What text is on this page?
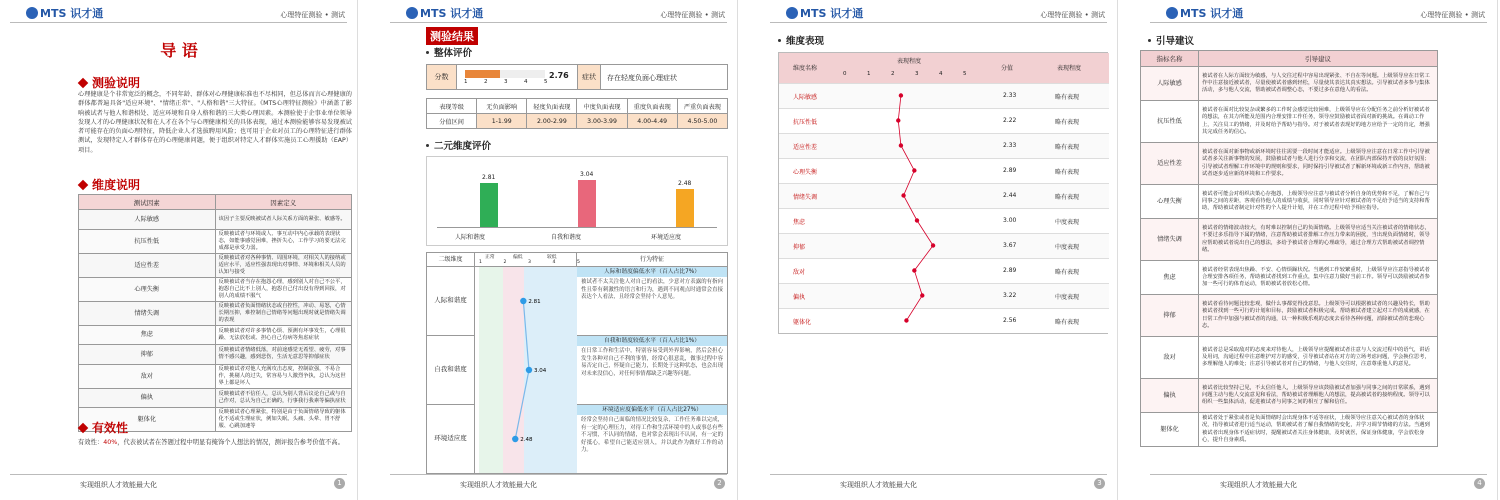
MTS 识才通	心理特征测验 • 测试
导 语
测验说明
心理健康是个非常宽泛的概念，不同年龄、群体对心理健康标准也不尽相同，但总体而言心理健康的群体都普遍具备"适应环境"、"情绪正常"、"人格和谐"三大特征。《MTS心理特征测验》中涵盖了影响被试者与他人和谐相处、适应环境和自身人格和谐的三大类心理因素。本测验使于企事业单位领导发现人才的心理健康状况和在人才在各个与心理健康相关的具体表现，通过本测验能够容易发现被试者可能存在的负面心理特征，降低企业人才选拔聘用风险；也可用于企业对员工的心理特征进行群体测试，发现特定人才群体存在的心理健康问题，便于组织对特定人才群体实施员工心理援助（EAP）项目。
维度说明
测试因素	因素定义
人际敏感	该因子主要反映被试者人际关系方面的紧张、敏感等。
抗压性低	反映被试者与环境或人、事互动中内心承载的表现状态，如能事感觉困难，挫折失心，工作学习的要无法完成都是承受力弱。
适应性差	反映被试者对各种事情、周围环境，对相关人的接纳或适应水平，适应性强表现出对事情、环境和相关人员的认知与接受
心理失衡	反映被试者当存在抱怨心理，感到别人对自己不公平，抱怨自己比不上别人，抱怨自己付出没有得到回报，对别人的成绩不服气
情绪失调	反映被试者负面情绪状态或自控性，冲动、易怒，心情长期压抑，难控制自己情绪等问题出现时就是情绪失调的表现
焦虑	反映被试者对许多事情心烦、预测有坏事发生，心理很躁、无法放松或、担心自己有病等焦虑症状
抑郁	反映被试者情绪低落，对前途感觉无希望、疲劳，对事情不感兴趣，感到悲伤，生活无意思等抑郁症状
敌对	反映被试者对他人充满攻击态度，控制欲强，不易合作，挑剔人的过失，常容易与人激烈争执，总认为这世界上都是坏人
偏执	反映被试者不信任人，总认为别人背后议论自己或与自己作对，总认为自己正确的，行事我行我素等偏执症状
躯体化	反映被试者心理紧张，特别是由于负面情绪导致的躯体化不适或生理症状，例如失眠、头痛、头晕、胃不舒服、心跳加速等
有效性
有效性：40%，代表被试者在答题过程中明显有掩饰个人想法的情况，测评报告参考价值不高。
实现组织人才效能最大化	1
MTS 识才通	心理特征测验 • 测试
测验结果
整体评价
分数
1	2	3	4	5
2.76	症状	存在轻度负面心理症状
表现等级	无负面影响	轻度负面表现	中度负面表现	重度负面表现	严重负面表现
分值区间	1-1.99	2.00-2.99	3.00-3.99	4.00-4.49	4.50-5.00
二元维度评价
2.81
3.04
2.48
人际和谐度	自我和谐度	环境适应度
二级维度	正常	偏低	较低
1	2	3	4	5	行为特征
2.81
3.04
2.48
人际和谐度
自我和谐度
环境适应度
人际和谐度偏低水平（百人占比7%）
被试者不太关注他人对自己的看法，少意对方表露的有指向性且带有刺激性的语言和行为，遇到不同观点时通常会直接表达个人看法，且经常会坚持个人意见。
自我和谐度较低水平（百人占比1%）
在日常工作和生活中，特别容易受到外界影响，然后会担心发生各种对自己不利的事情，经常心很意乱，做事过程中容易否定自己，怀疑自己能力，长期处于这种状态，也会出现对未来没信心，对任何事情都缺乏兴趣等问题。
环境适应度偏低水平（百人占比27%）
经常会坚持自己面临的情况比较复杂，工作任务难以完成，有一定的心理压力，对待工作和生活环境中的人或事总有些不习惯，不认同的情绪，也对常会表现出不认同，有一定的好抵心，希望自己能适应别人，并以此作为做好工作的动力。
实现组织人才效能最大化	2
MTS 识才通	心理特征测验 • 测试
维度表现
维度名称
表现程度
0	1	2	3	4	5
分值	表现程度
人际敏感	2.33	略有表现
抗压性低	2.22	略有表现
适应性差	2.33	略有表现
心理失衡	2.89	略有表现
情绪失调	2.44	略有表现
焦虑	3.00	中度表现
抑郁	3.67	中度表现
敌对	2.89	略有表现
偏执	3.22	中度表现
躯体化	2.56	略有表现
实现组织人才效能最大化	3
MTS 识才通	心理特征测验 • 测试
引导建议
指标名称	引导建议
人际敏感	被试者在人际方面较为敏感，与人交往过程中容易出现紧张、不自在等问题。上级领导应在日常工作中注意接近被试者，尽量使被试者感到轻松，尽量使其表达其真实想法。引导被试者多参与集体活动，多与他人交流，帮助被试者调整心态，不要过多在意他人的看法。
抗压性低	被试者在面对比较复杂或繁多的工作时会感觉比较困难，上级领导应在分配任务之前分析好被试者的想法，在其力所能及范围内合理安排工作任务，领导应鼓励被试者面对新的挑战。在调动工作上，关注员工的情绪，并及时给予帮助与指导。对于被试者表现好的地方应给予一定的肯定，增强其完成任务的信心。
适应性差	被试者在面对新事物或新环境时往往需要一段时间才能适应。上级领导应注意在日常工作中引导被试者多关注新事物的发展，鼓励被试者与他人进行分享和交流，在团队内部保持开放的良好氛围；引导被试者理解工作环境中的规则和要求，同时保持引导被试者了解新环境或新工作内容，帮助被试者逐步适应新的环境和工作要求。
心理失衡	被试者可能会对组织决策心存抱怨，上级领导应注意与被试者分析自身的优势和不足，了解自己与同事之间的差距，客观看待他人的成绩与收获，同时领导应针对被试者的不足给予适当的支持和帮助，帮助被试者制定针对性的个人提升计划，并在工作过程中给予相应指导。
情绪失调	被试者的情绪波动较大，有时难以控制自己的负面情绪。上级领导应适当关注被试者的情绪状态，不要过多乐指导下属的情绪，注意帮助被试者排解工作压力带来的困扰，当出现负面情绪时，领导应帮助被试者说出自己的想法，多给予被试者合理的心理疏导，通过合理方式帮助被试者调控情绪。
焦虑	被试者经常表现出焦躁、不安、心情烦躁状况。当遇到工作较繁重时，上级领导应注意指导被试者合理安排各项任务，帮助被试者找到工作重点，集中注意力做好当前工作。领导可以鼓励被试者参加一些可行的体育运动，帮助被试者放松心情。
抑郁	被试者看待问题比较悲观，做什么事都觉得没意思。上级领导可以根据被试者的兴趣及特长，帮助被试者找到一些可行的计划和目标，鼓励被试者积极完成。帮助被试者建立起对工作的成就感，在日常工作中加强与被试者的沟通，以一种积极乐观的态度去看待各种问题，消除被试者的悲观心态。
敌对	被试者总是采取敌对的态度来对待他人，上级领导应提醒被试者注意与人交流过程中的语气，讲话及用词，沟通过程中注意维护对方的感受，引导被试者站在对方的立场考虑问题，学会换位思考，多理解他人的难处；注意引导被试者对自己的情绪，与他人交往时，注意尊重他人的意见。
偏执	被试者比较坚持己见，不太信任他人，上级领导应该鼓励被试者加强与同事之间的日常联系，遇到问题主动与他人交流意见和看法，帮助被试者理解他人的想法，提高被试者的接纳程度。领导可以组织一些集体活动，促进被试者与同事之间的相互了解和信任。
躯体化	被试者处于紧张或者是负面情绪时会出现身体不适等症状，上级领导应注意关心被试者的身体状况，指导被试者进行适当运动，帮助被试者了解自我情绪的变化，并学习调节情绪的方法。当遇到被试者出现身体不适症状时，提醒被试者关注身体健康，及时就医，保证身体健康，学会放松身心，提升自身素质。
实现组织人才效能最大化	4
